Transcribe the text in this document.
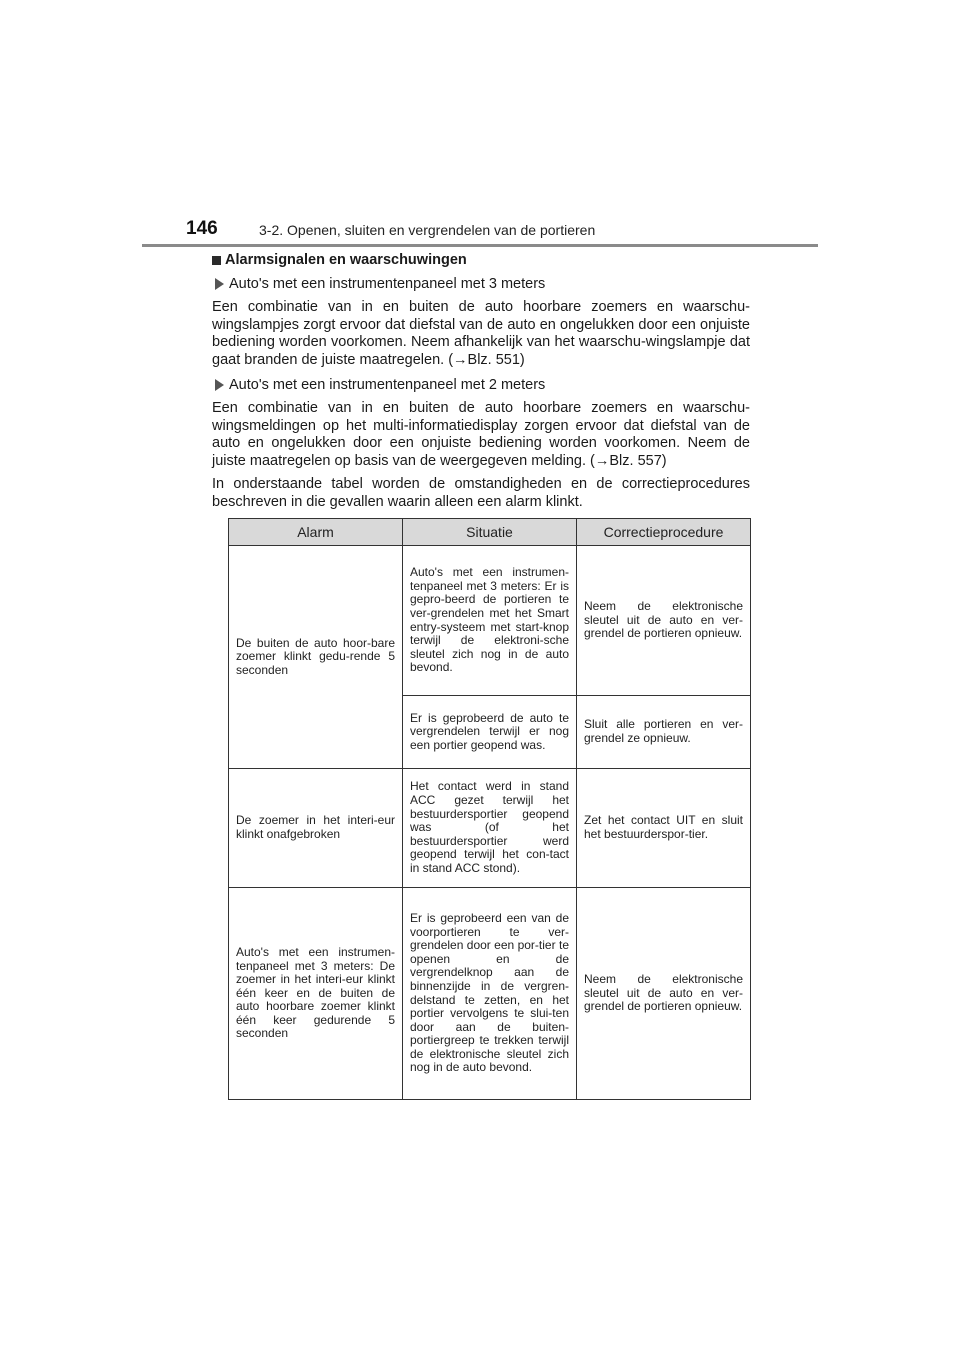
146	3-2. Openen, sluiten en vergrendelen van de portieren
Alarmsignalen en waarschuwingen
Auto's met een instrumentenpaneel met 3 meters

Een combinatie van in en buiten de auto hoorbare zoemers en waarschu-wingslampjes zorgt ervoor dat diefstal van de auto en ongelukken door een onjuiste bediening worden voorkomen. Neem afhankelijk van het waarschu-wingslampje dat gaat branden de juiste maatregelen. (→Blz. 551)

Auto's met een instrumentenpaneel met 2 meters

Een combinatie van in en buiten de auto hoorbare zoemers en waarschu-wingsmeldingen op het multi-informatiedisplay zorgen ervoor dat diefstal van de auto en ongelukken door een onjuiste bediening worden voorkomen. Neem de juiste maatregelen op basis van de weergegeven melding. (→Blz. 557)

In onderstaande tabel worden de omstandigheden en de correctieprocedures beschreven in die gevallen waarin alleen een alarm klinkt.

Alarm	Situatie	Correctieprocedure
De buiten de auto hoor-bare zoemer klinkt gedu-rende 5 seconden	Auto's met een instrumen-tenpaneel met 3 meters: Er is gepro-beerd de portieren te ver-grendelen met het Smart entry-systeem met start-knop terwijl de elektroni-sche sleutel zich nog in de auto bevond.	Neem de elektronische sleutel uit de auto en ver-grendel de portieren opnieuw.
	Er is geprobeerd de auto te vergrendelen terwijl er nog een portier geopend was.	Sluit alle portieren en ver-grendel ze opnieuw.
De zoemer in het interi-eur klinkt onafgebroken	Het contact werd in stand ACC gezet terwijl het bestuurdersportier geopend was (of het bestuurdersportier werd geopend terwijl het con-tact in stand ACC stond).	Zet het contact UIT en sluit het bestuurderspor-tier.
Auto's met een instrumen-tenpaneel met 3 meters: De zoemer in het interi-eur klinkt één keer en de buiten de auto hoorbare zoemer klinkt één keer gedurende 5 seconden	Er is geprobeerd een van de voorportieren te ver-grendelen door een por-tier te openen en de vergrendelknop aan de binnenzijde in de vergren-delstand te zetten, en het portier vervolgens te slui-ten door aan de buiten-portiergreep te trekken terwijl de elektronische sleutel zich nog in de auto bevond.	Neem de elektronische sleutel uit de auto en ver-grendel de portieren opnieuw.
